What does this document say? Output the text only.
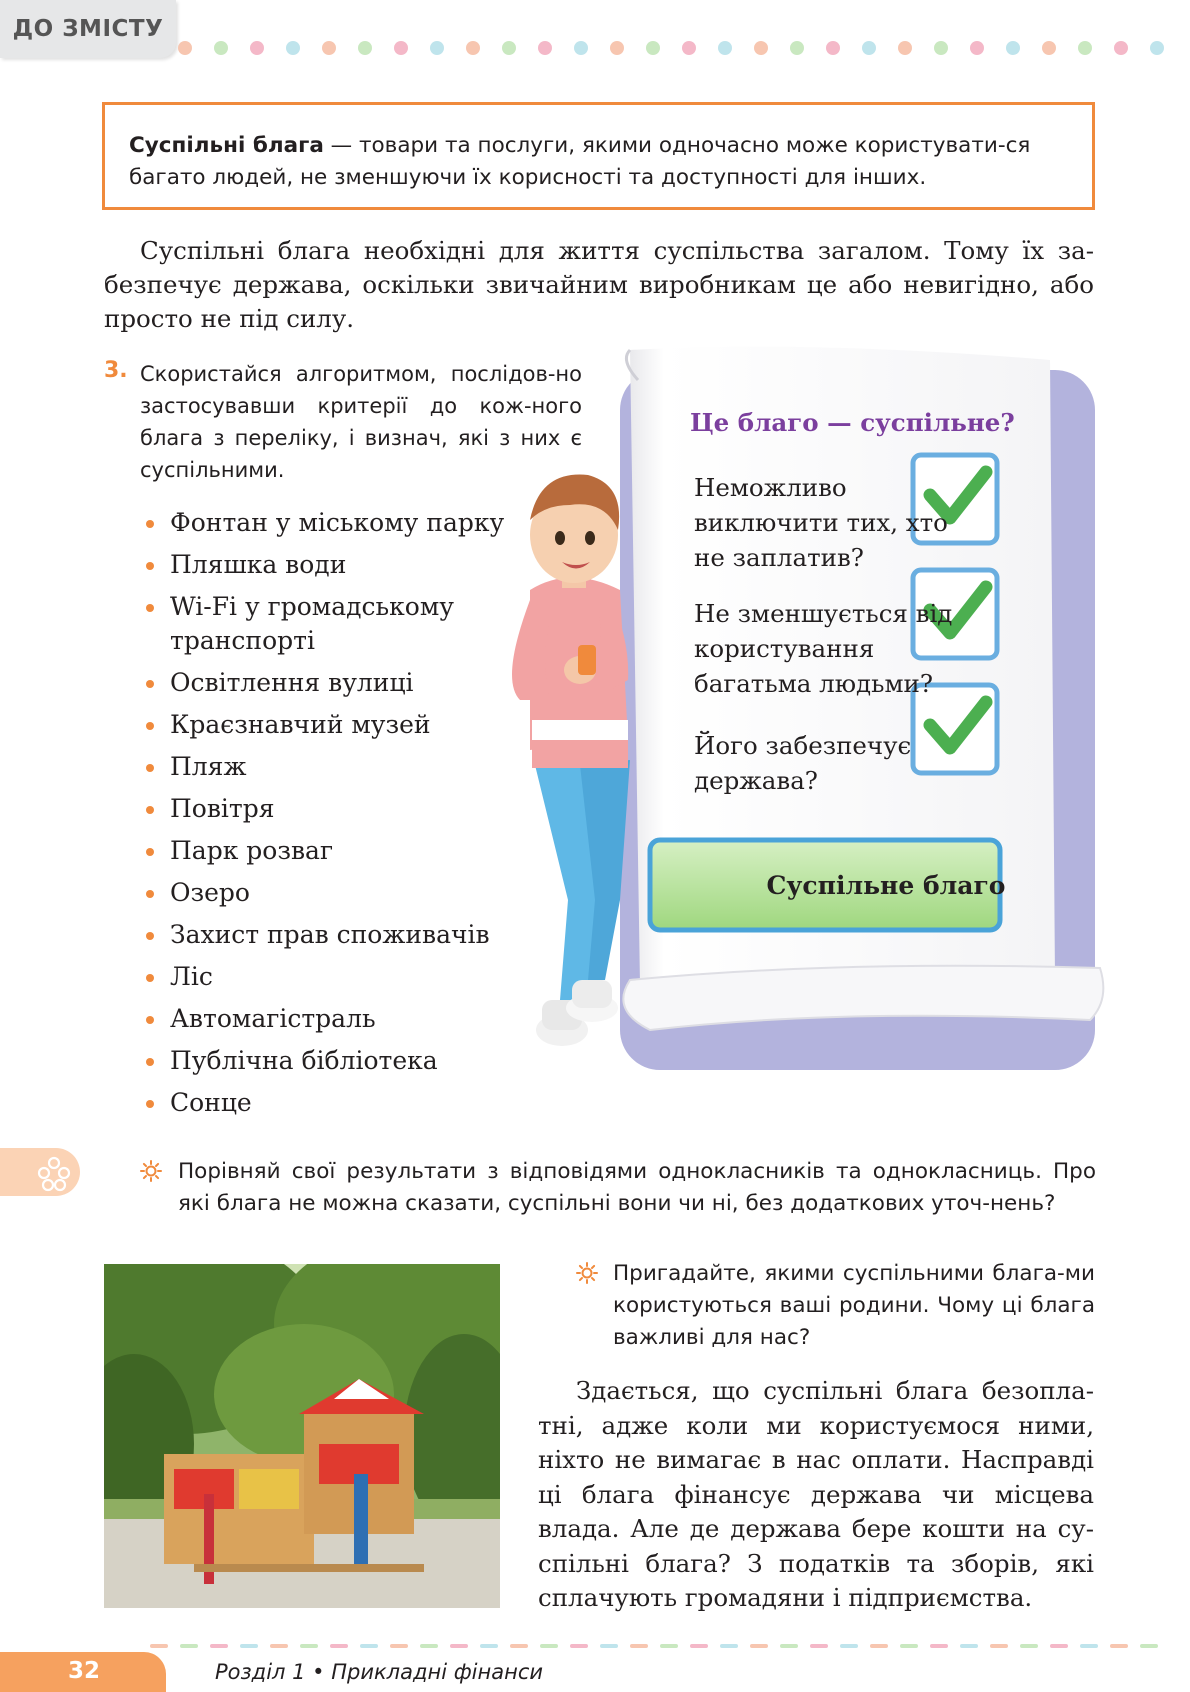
ДО ЗМІСТУ
Суспільні блага — товари та послуги, якими одночасно може користувати-ся багато людей, не зменшуючи їх корисності та доступності для інших.
Суспільні блага необхідні для життя суспільства загалом. Тому їх за-безпечує держава, оскільки звичайним виробникам це або невигідно, або просто не під силу.
3. Скористайся алгоритмом, послідов-но застосувавши критерії до кож-ного блага з переліку, і визнач, які з них є суспільними.
Фонтан у міському парку
Пляшка води
Wi-Fi у громадському транспорті
Освітлення вулиці
Краєзнавчий музей
Пляж
Повітря
Парк розваг
Озеро
Захист прав споживачів
Ліс
Автомагістраль
Публічна бібліотека
Сонце
Це благо — суспільне?
Неможливо виключити тих, хто не заплатив?
Не зменшується від користування багатьма людьми?
Його забезпечує держава?
Суспільне благо
Порівняй свої результати з відповідями однокласників та однокласниць. Про які блага не можна сказати, суспільні вони чи ні, без додаткових уточ-нень?
Пригадайте, якими суспільними блага-ми користуються ваші родини. Чому ці блага важливі для нас?
Здається, що суспільні блага безопла-тні, адже коли ми користуємося ними, ніхто не вимагає в нас оплати. Насправді ці блага фінансує держава чи місцева влада. Але де держава бере кошти на су-спільні блага? З податків та зборів, які сплачують громадяни і підприємства.
32	Розділ 1 • Прикладні фінанси
